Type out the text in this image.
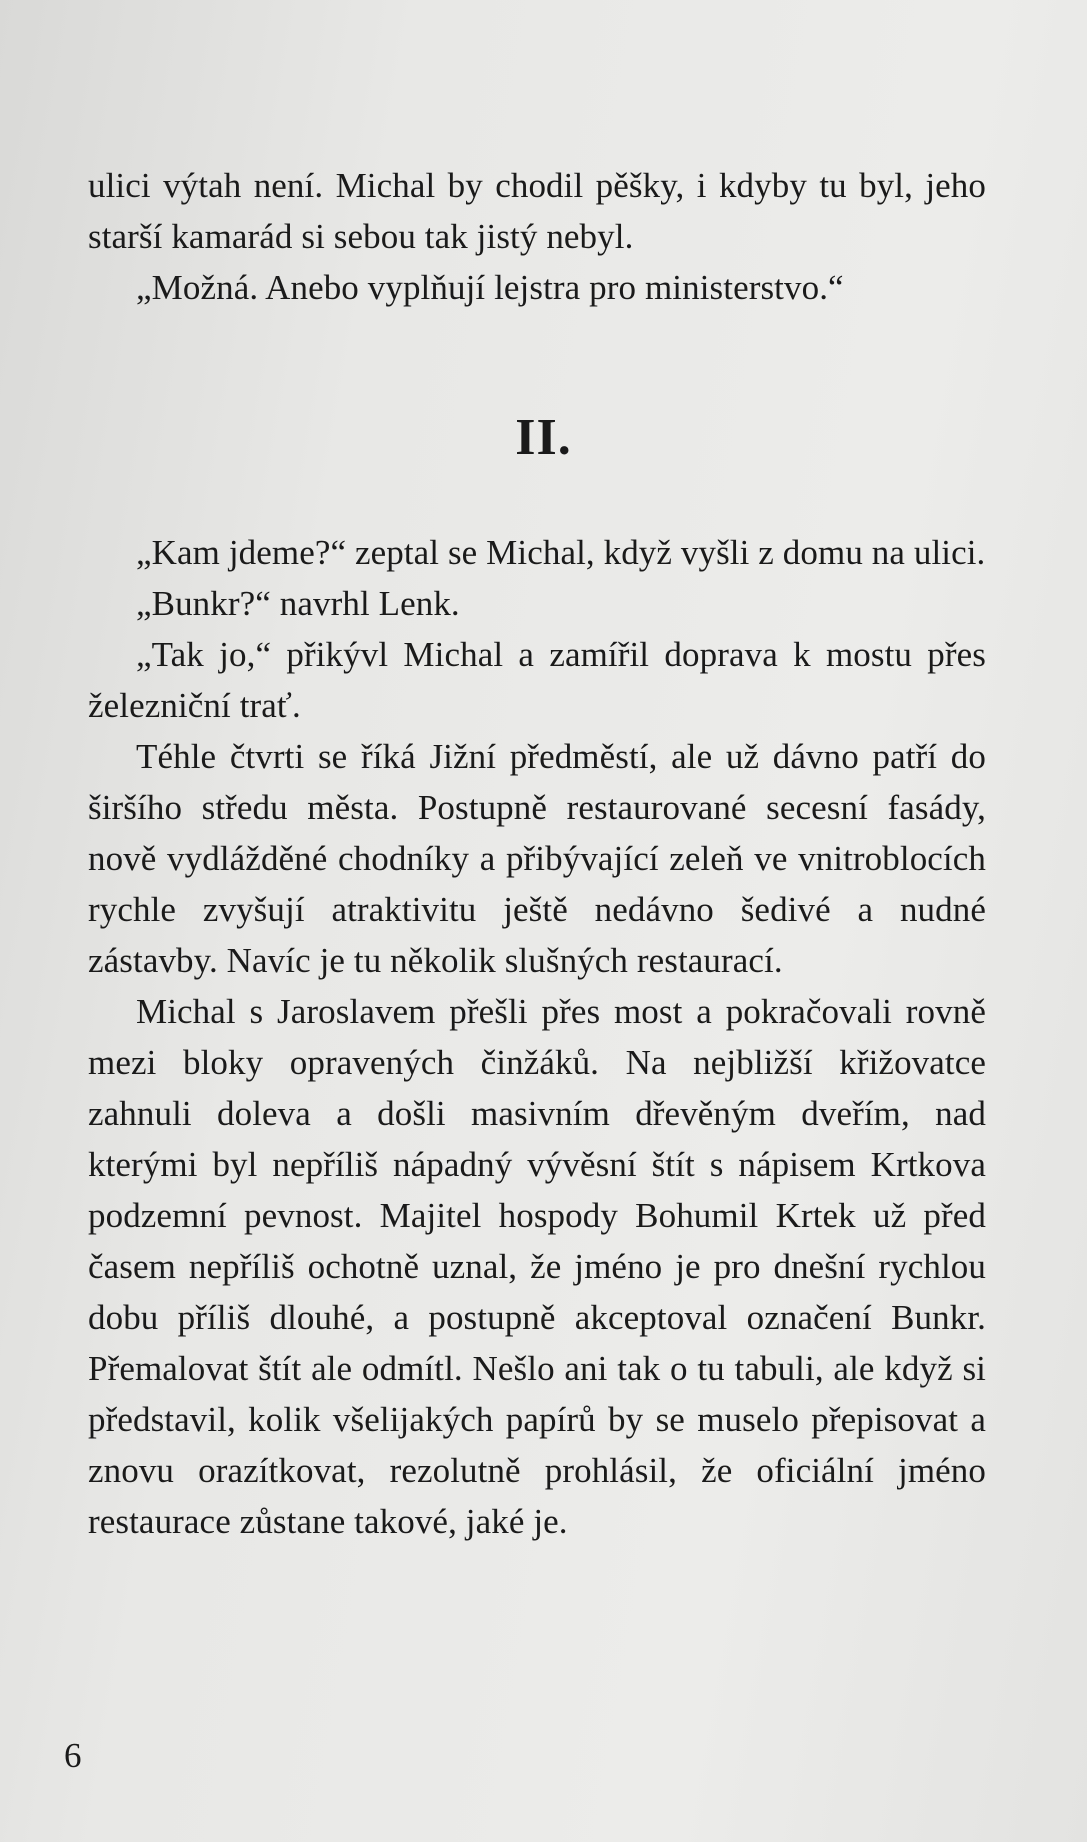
ulici výtah není. Michal by chodil pěšky, i kdyby tu byl, jeho starší kamarád si sebou tak jistý nebyl.

„Možná. Anebo vyplňují lejstra pro ministerstvo.“

II.

„Kam jdeme?“ zeptal se Michal, když vyšli z domu na ulici.

„Bunkr?“ navrhl Lenk.

„Tak jo,“ přikývl Michal a zamířil doprava k mostu přes železniční trať.

Téhle čtvrti se říká Jižní předměstí, ale už dávno patří do širšího středu města. Postupně restaurované secesní fasády, nově vydlážděné chodníky a přibývající zeleň ve vnitroblocích rychle zvyšují atraktivitu ještě nedávno šedivé a nudné zástavby. Navíc je tu několik slušných restaurací.

Michal s Jaroslavem přešli přes most a pokračovali rovně mezi bloky opravených činžáků. Na nejbližší křižovatce zahnuli doleva a došli masivním dřevěným dveřím, nad kterými byl nepříliš nápadný vývěsní štít s nápisem Krtkova podzemní pevnost. Majitel hospody Bohumil Krtek už před časem nepříliš ochotně uznal, že jméno je pro dnešní rychlou dobu příliš dlouhé, a postupně akceptoval označení Bunkr. Přemalovat štít ale odmítl. Nešlo ani tak o tu tabuli, ale když si představil, kolik všelijakých papírů by se muselo přepisovat a znovu orazítkovat, rezolutně prohlásil, že oficiální jméno restaurace zůstane takové, jaké je.

6
